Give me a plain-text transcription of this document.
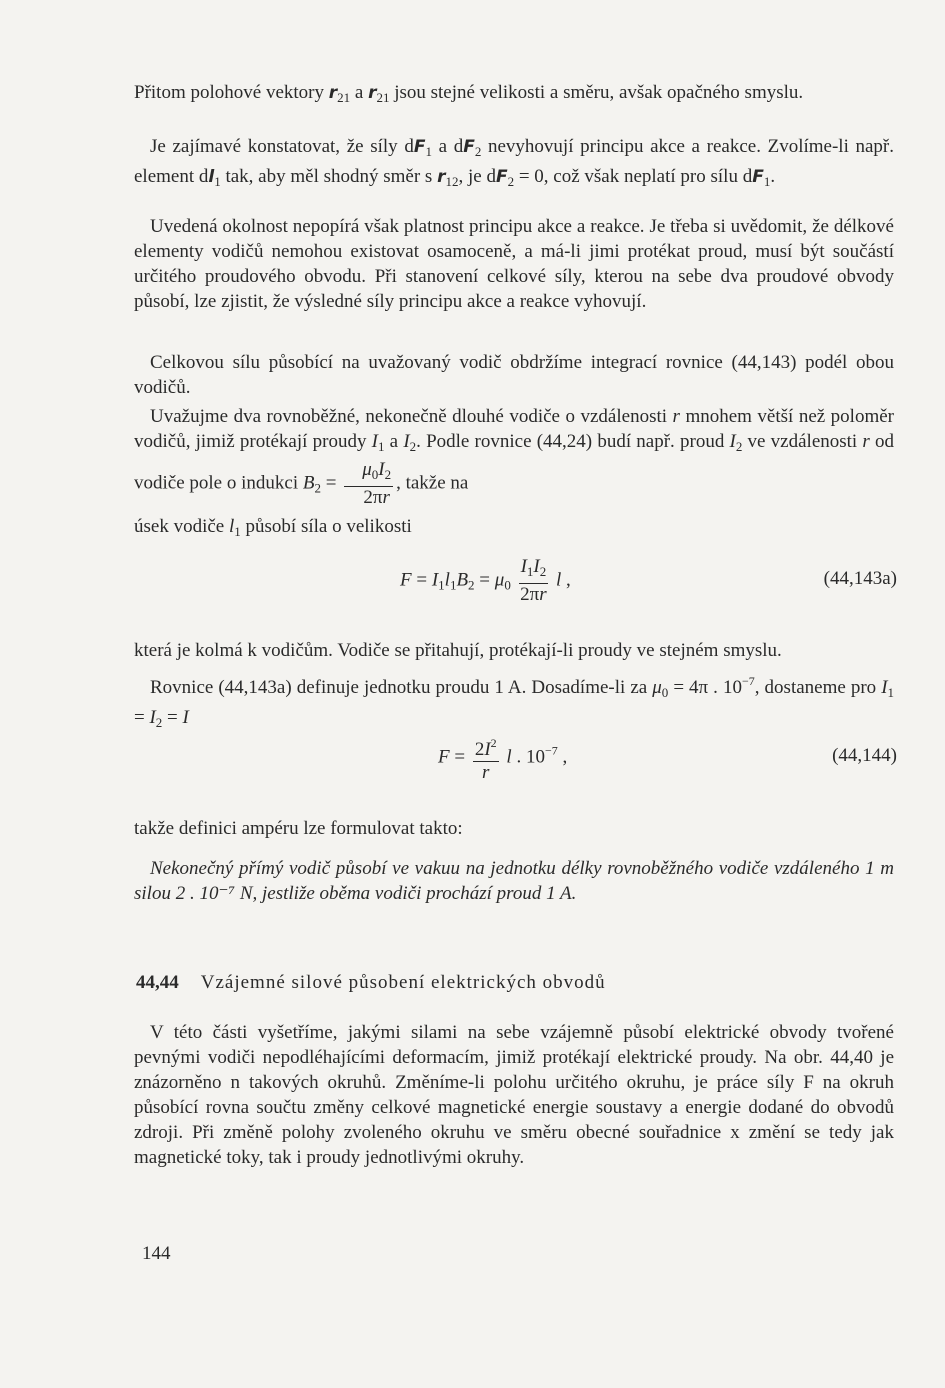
Přitom polohové vektory $r_{21}$ a $r_{21}$ jsou stejné velikosti a směru, avšak opačného smyslu.

Je zajímavé konstatovat, že síly $dF_1$ a $dF_2$ nevyhovují principu akce a reakce. Zvolíme-li např. element $dl_1$ tak, aby měl shodný směr s $r_{12}$, je $dF_2 = 0$, což však neplatí pro sílu $dF_1$.

Uvedená okolnost nepopírá však platnost principu akce a reakce. Je třeba si uvědomit, že délkové elementy vodičů nemohou existovat osamoceně, a má-li jimi protékat proud, musí být součástí určitého proudového obvodu. Při stanovení celkové síly, kterou na sebe dva proudové obvody působí, lze zjistit, že výsledné síly principu akce a reakce vyhovují.

Celkovou sílu působící na uvažovaný vodič obdržíme integrací rovnice (44,143) podél obou vodičů.

Uvažujme dva rovnoběžné, nekonečně dlouhé vodiče o vzdálenosti r mnohem větší než poloměr vodičů, jimiž protékají proudy $I_1$ a $I_2$. Podle rovnice (44,24) budí např. proud $I_2$ ve vzdálenosti r od vodiče pole o indukci $B_2 = \frac{\mu_0I_2}{2\pi r}$ , takže na

úsek vodiče $l_1$ působí síla o velikosti

$F = I_1l_1B_2 = \mu_0 \frac{I_1I_2}{2\pi r}$ l ,	(44,143a)

která je kolmá k vodičům. Vodiče se přitahují, protékají-li proudy ve stejném smyslu.

Rovnice (44,143a) definuje jednotku proudu 1 A. Dosadíme-li za $\mu_0 = 4\pi$ . $10^{-7}$, dostaneme pro $I_1 = I_2 = I$

$F = \frac{2I^2}{r}$ l . $10^{-7}$ ,	(44,144)

takže definici ampéru lze formulovat takto:

Nekonečný přímý vodič působí ve vakuu na jednotku délky rovnoběžného vodiče vzdáleného 1 m silou 2 . 10⁻⁷ N, jestliže oběma vodiči prochází proud 1 A.

44,44 Vzájemné silové působení elektrických obvodů

V této části vyšetříme, jakými silami na sebe vzájemně působí elektrické obvody tvořené pevnými vodiči nepodléhajícími deformacím, jimiž protékají elektrické proudy. Na obr. 44,40 je znázorněno n takových okruhů. Změníme-li polohu určitého okruhu, je práce síly F na okruh působící rovna součtu změny celkové magnetické energie soustavy a energie dodané do obvodů zdroji. Při změně polohy zvoleného okruhu ve směru obecné souřadnice x změní se tedy jak magnetické toky, tak i proudy jednotlivými okruhy.

144
